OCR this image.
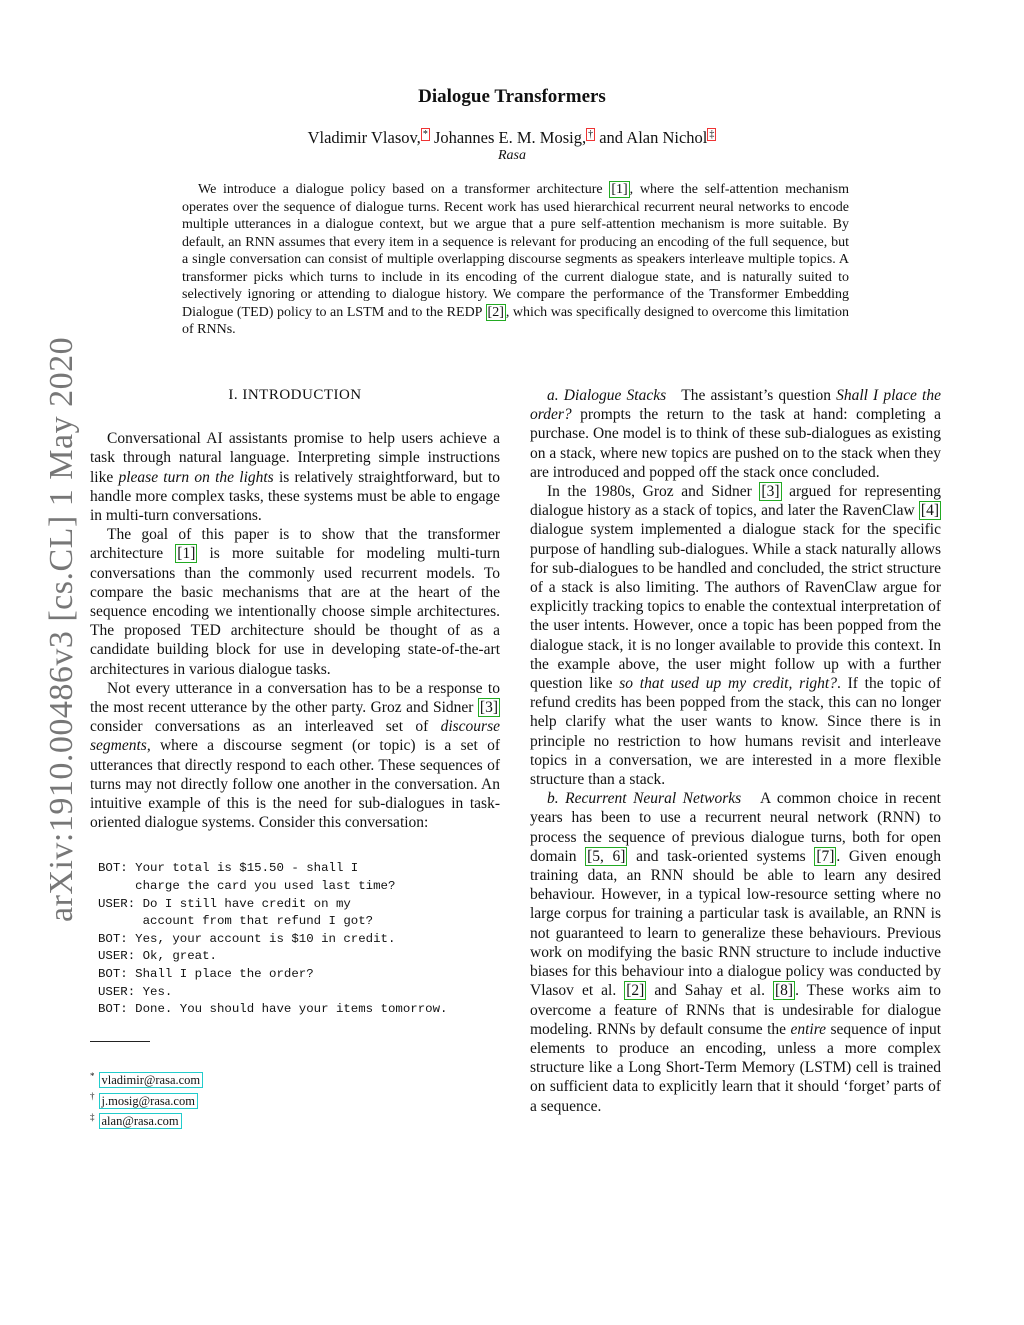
arXiv:1910.00486v3 [cs.CL] 1 May 2020
Dialogue Transformers
Vladimir Vlasov, * Johannes E. M. Mosig, † and Alan Nichol ‡
Rasa
We introduce a dialogue policy based on a transformer architecture [1] , where the self-attention mechanism operates over the sequence of dialogue turns. Recent work has used hierarchical recurrent neural networks to encode multiple utterances in a dialogue context, but we argue that a pure self-attention mechanism is more suitable. By default, an RNN assumes that every item in a sequence is relevant for producing an encoding of the full sequence, but a single conversation can consist of multiple overlapping discourse segments as speakers interleave multiple topics. A transformer picks which turns to include in its encoding of the current dialogue state, and is naturally suited to selectively ignoring or attending to dialogue history. We compare the performance of the Transformer Embedding Dialogue (TED) policy to an LSTM and to the REDP [2] , which was specifically designed to overcome this limitation of RNNs.
I. INTRODUCTION

Conversational AI assistants promise to help users achieve a task through natural language. Interpreting simple instructions like please turn on the lights is relatively straightforward, but to handle more complex tasks, these systems must be able to engage in multi-turn conversations.

The goal of this paper is to show that the transformer architecture [1] is more suitable for modeling multi-turn conversations than the commonly used recurrent models. To compare the basic mechanisms that are at the heart of the sequence encoding we intentionally choose simple architectures. The proposed TED architecture should be thought of as a candidate building block for use in developing state-of-the-art architectures in various dialogue tasks.

Not every utterance in a conversation has to be a response to the most recent utterance by the other party. Groz and Sidner [3] consider conversations as an interleaved set of discourse segments, where a discourse segment (or topic) is a set of utterances that directly respond to each other. These sequences of turns may not directly follow one another in the conversation. An intuitive example of this is the need for sub-dialogues in task-oriented dialogue systems. Consider this conversation:

BOT: Your total is $15.50 - shall I
charge the card you used last time?
USER: Do I still have credit on my
account from that refund I got?
BOT: Yes, your account is $10 in credit.
USER: Ok, great.
BOT: Shall I place the order?
USER: Yes.
BOT: Done. You should have your items tomorrow.
* vladimir@rasa.com
† j.mosig@rasa.com
‡ alan@rasa.com

a. Dialogue Stacks The assistant’s question Shall I place the order? prompts the return to the task at hand: completing a purchase. One model is to think of these sub-dialogues as existing on a stack, where new topics are pushed on to the stack when they are introduced and popped off the stack once concluded.

In the 1980s, Groz and Sidner [3] argued for representing dialogue history as a stack of topics, and later the RavenClaw [4] dialogue system implemented a dialogue stack for the specific purpose of handling sub-dialogues. While a stack naturally allows for sub-dialogues to be handled and concluded, the strict structure of a stack is also limiting. The authors of RavenClaw argue for explicitly tracking topics to enable the contextual interpretation of the user intents. However, once a topic has been popped from the dialogue stack, it is no longer available to provide this context. In the example above, the user might follow up with a further question like so that used up my credit, right?. If the topic of refund credits has been popped from the stack, this can no longer help clarify what the user wants to know. Since there is in principle no restriction to how humans revisit and interleave topics in a conversation, we are interested in a more flexible structure than a stack.

b. Recurrent Neural Networks A common choice in recent years has been to use a recurrent neural network (RNN) to process the sequence of previous dialogue turns, both for open domain [5, 6] and task-oriented systems [7] . Given enough training data, an RNN should be able to learn any desired behaviour. However, in a typical low-resource setting where no large corpus for training a particular task is available, an RNN is not guaranteed to learn to generalize these behaviours. Previous work on modifying the basic RNN structure to include inductive biases for this behaviour into a dialogue policy was conducted by Vlasov et al. [2] and Sahay et al. [8] . These works aim to overcome a feature of RNNs that is undesirable for dialogue modeling. RNNs by default consume the entire sequence of input elements to produce an encoding, unless a more complex structure like a Long Short-Term Memory (LSTM) cell is trained on sufficient data to explicitly learn that it should ‘forget’ parts of a sequence.
